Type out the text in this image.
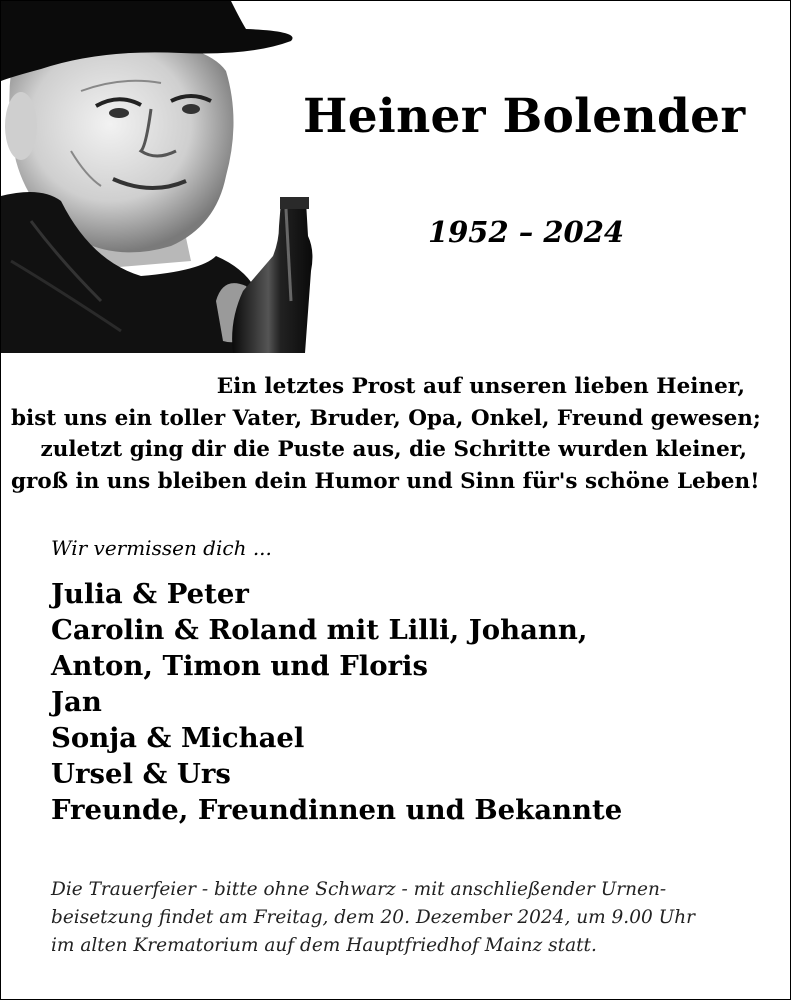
Heiner Bolender
1952 – 2024
Ein letztes Prost auf unseren lieben Heiner,
bist uns ein toller Vater, Bruder, Opa, Onkel, Freund gewesen;
zuletzt ging dir die Puste aus, die Schritte wurden kleiner,
groß in uns bleiben dein Humor und Sinn für's schöne Leben!
Wir vermissen dich ...
Julia & Peter
Carolin & Roland mit Lilli, Johann,
Anton, Timon und Floris
Jan
Sonja & Michael
Ursel & Urs
Freunde, Freundinnen und Bekannte
Die Trauerfeier - bitte ohne Schwarz - mit anschließender Urnen-
beisetzung findet am Freitag, dem 20. Dezember 2024, um 9.00 Uhr
im alten Krematorium auf dem Hauptfriedhof Mainz statt.
